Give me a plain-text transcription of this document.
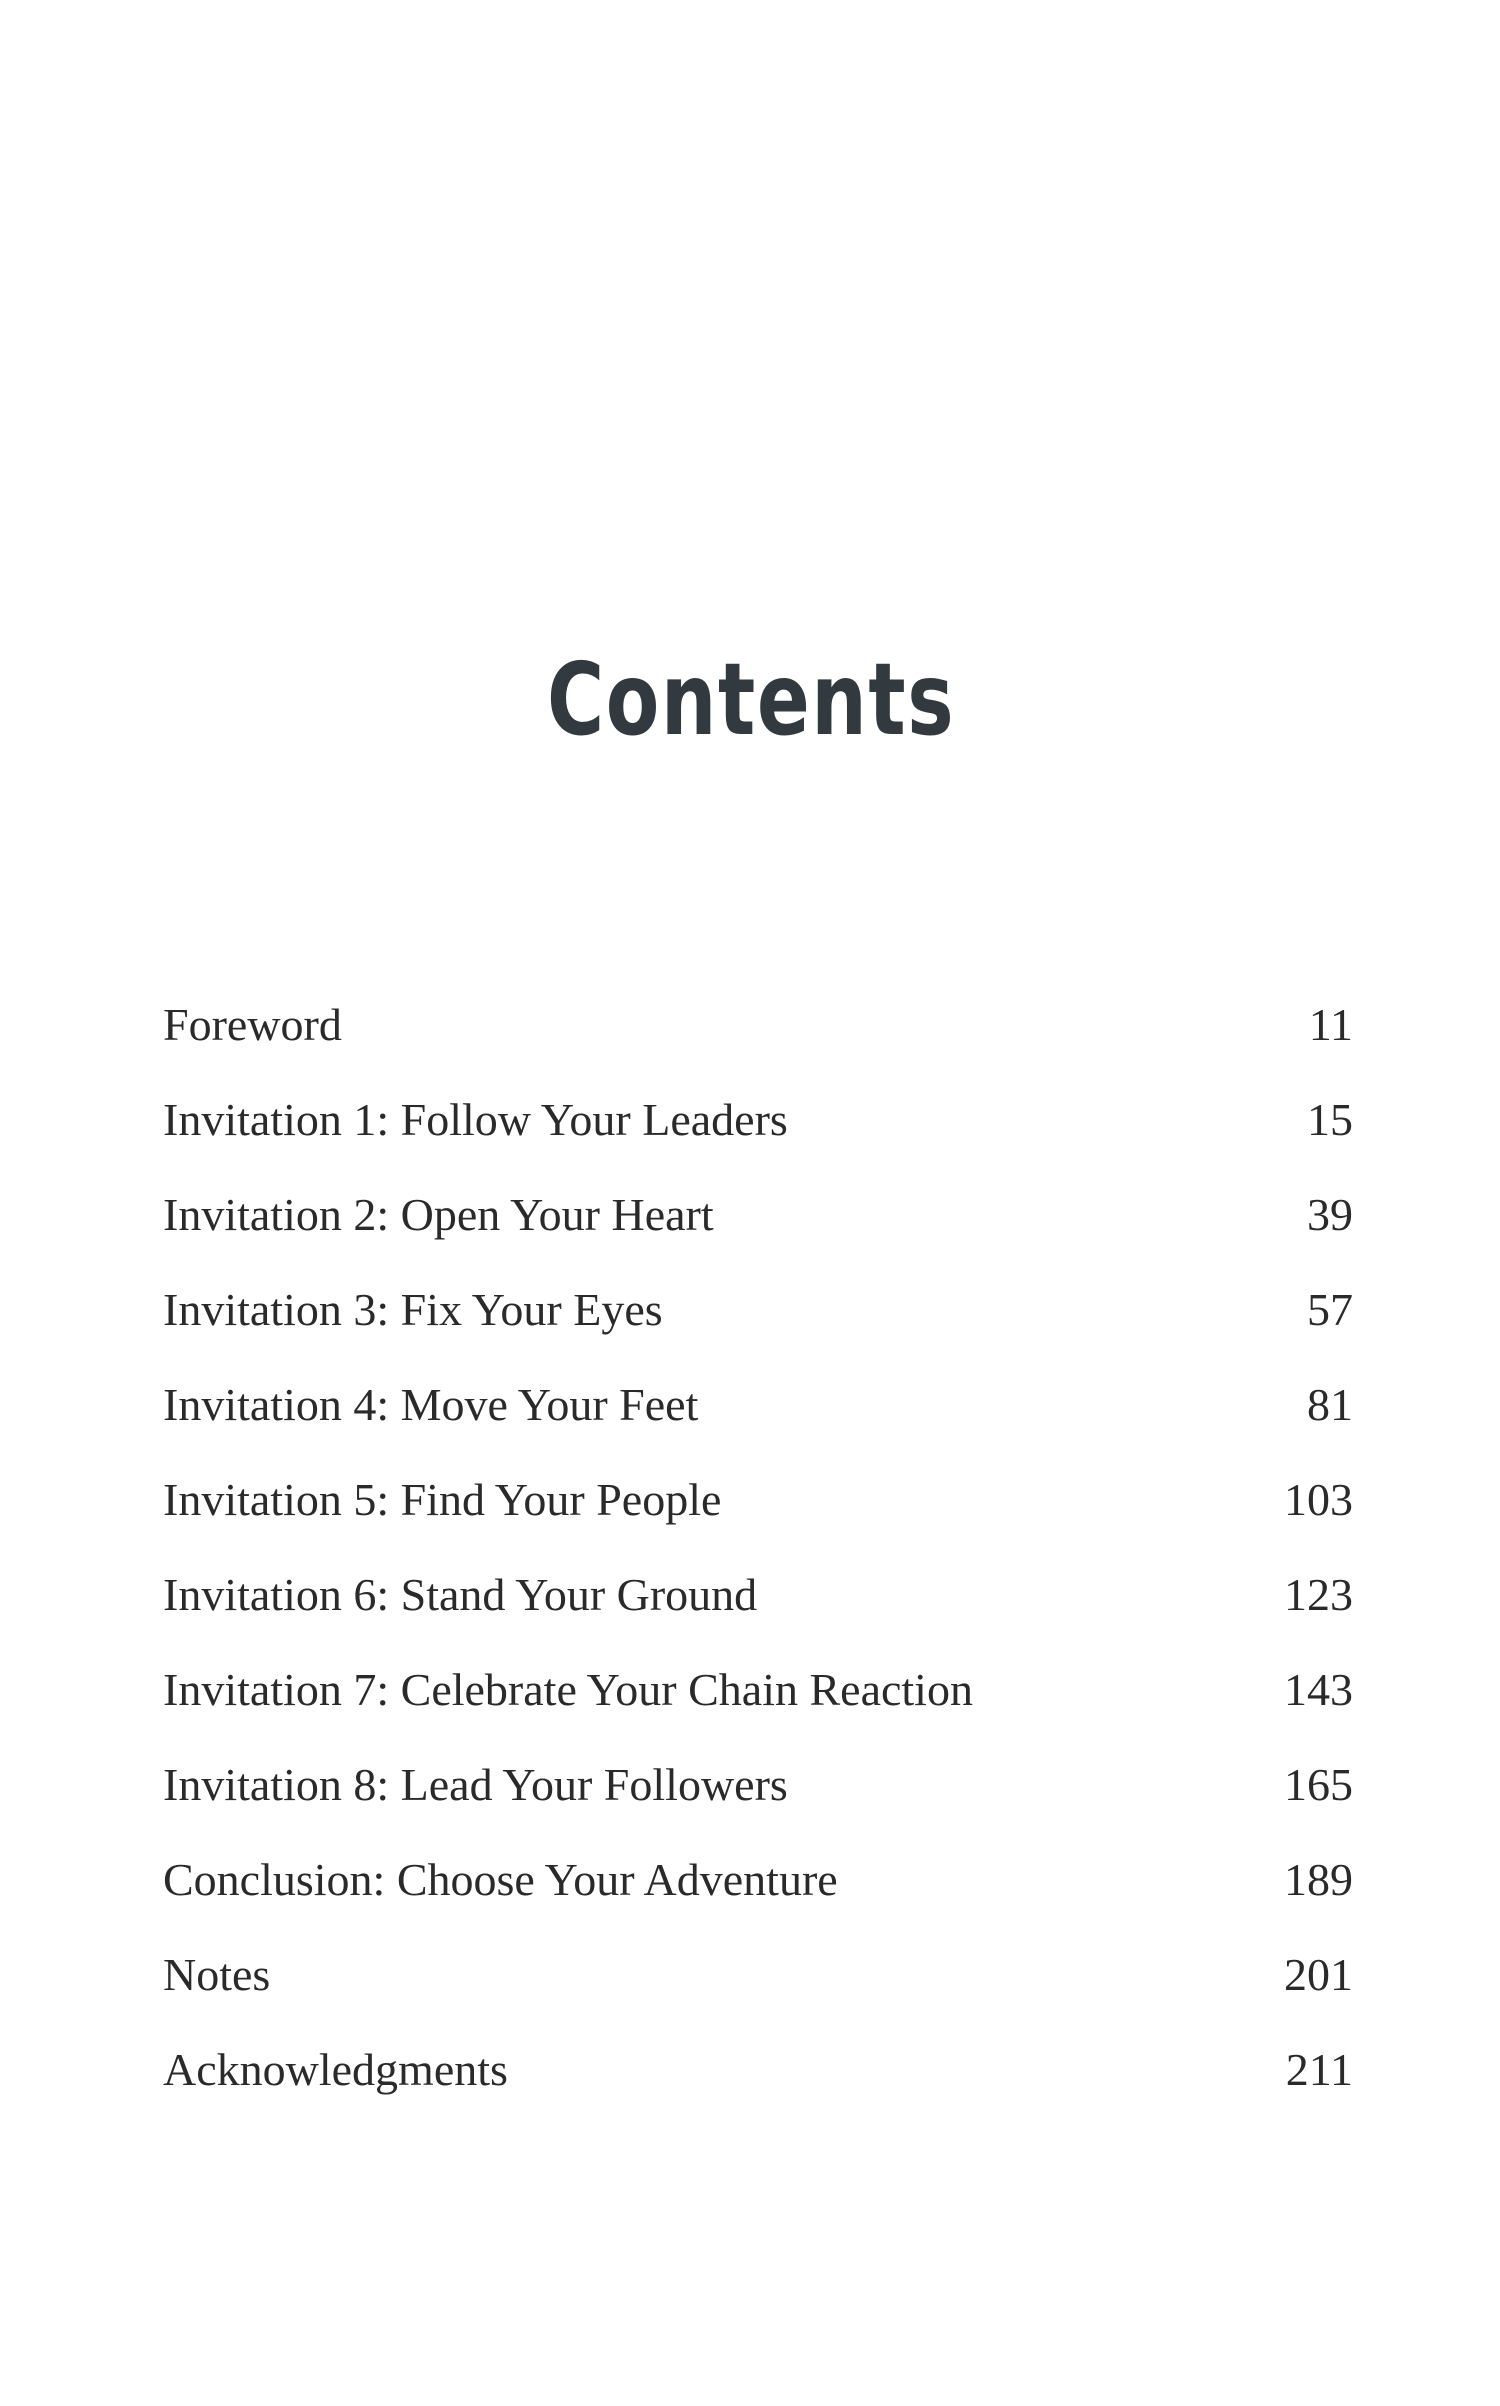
Contents
Foreword	11
Invitation 1: Follow Your Leaders	15
Invitation 2: Open Your Heart	39
Invitation 3: Fix Your Eyes	57
Invitation 4: Move Your Feet	81
Invitation 5: Find Your People	103
Invitation 6: Stand Your Ground	123
Invitation 7: Celebrate Your Chain Reaction	143
Invitation 8: Lead Your Followers	165
Conclusion: Choose Your Adventure	189
Notes	201
Acknowledgments	211
